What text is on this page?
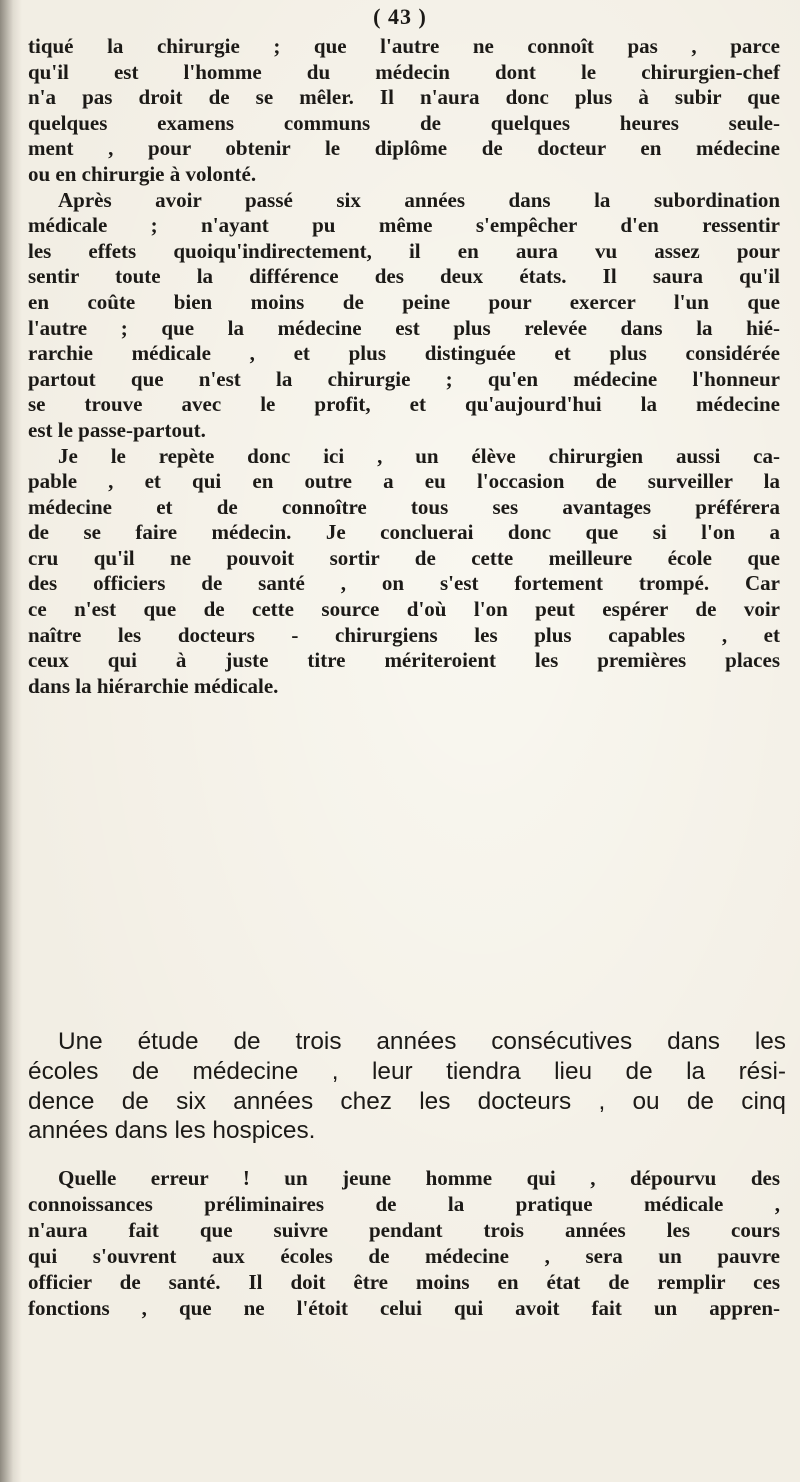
( 43 )
tiqué la chirurgie ; que l'autre ne connoît pas , parce
qu'il est l'homme du médecin dont le chirurgien-chef
n'a pas droit de se mêler. Il n'aura donc plus à subir que
quelques examens communs de quelques heures seule-
ment , pour obtenir le diplôme de docteur en médecine
ou en chirurgie à volonté.
Après avoir passé six années dans la subordination
médicale ; n'ayant pu même s'empêcher d'en ressentir
les effets quoiqu'indirectement, il en aura vu assez pour
sentir toute la différence des deux états. Il saura qu'il
en coûte bien moins de peine pour exercer l'un que
l'autre ; que la médecine est plus relevée dans la hié-
rarchie médicale , et plus distinguée et plus considérée
partout que n'est la chirurgie ; qu'en médecine l'honneur
se trouve avec le profit, et qu'aujourd'hui la médecine
est le passe-partout.
Je le repète donc ici , un élève chirurgien aussi ca-
pable , et qui en outre a eu l'occasion de surveiller la
médecine et de connoître tous ses avantages préférera
de se faire médecin. Je concluerai donc que si l'on a
cru qu'il ne pouvoit sortir de cette meilleure école que
des officiers de santé , on s'est fortement trompé. Car
ce n'est que de cette source d'où l'on peut espérer de voir
naître les docteurs - chirurgiens les plus capables , et
ceux qui à juste titre mériteroient les premières places
dans la hiérarchie médicale.
Une étude de trois années consécutives dans les
écoles de médecine , leur tiendra lieu de la rési-
dence de six années chez les docteurs , ou de cinq
années dans les hospices.
Quelle erreur ! un jeune homme qui , dépourvu des
connoissances préliminaires de la pratique médicale ,
n'aura fait que suivre pendant trois années les cours
qui s'ouvrent aux écoles de médecine , sera un pauvre
officier de santé. Il doit être moins en état de remplir ces
fonctions , que ne l'étoit celui qui avoit fait un appren-
